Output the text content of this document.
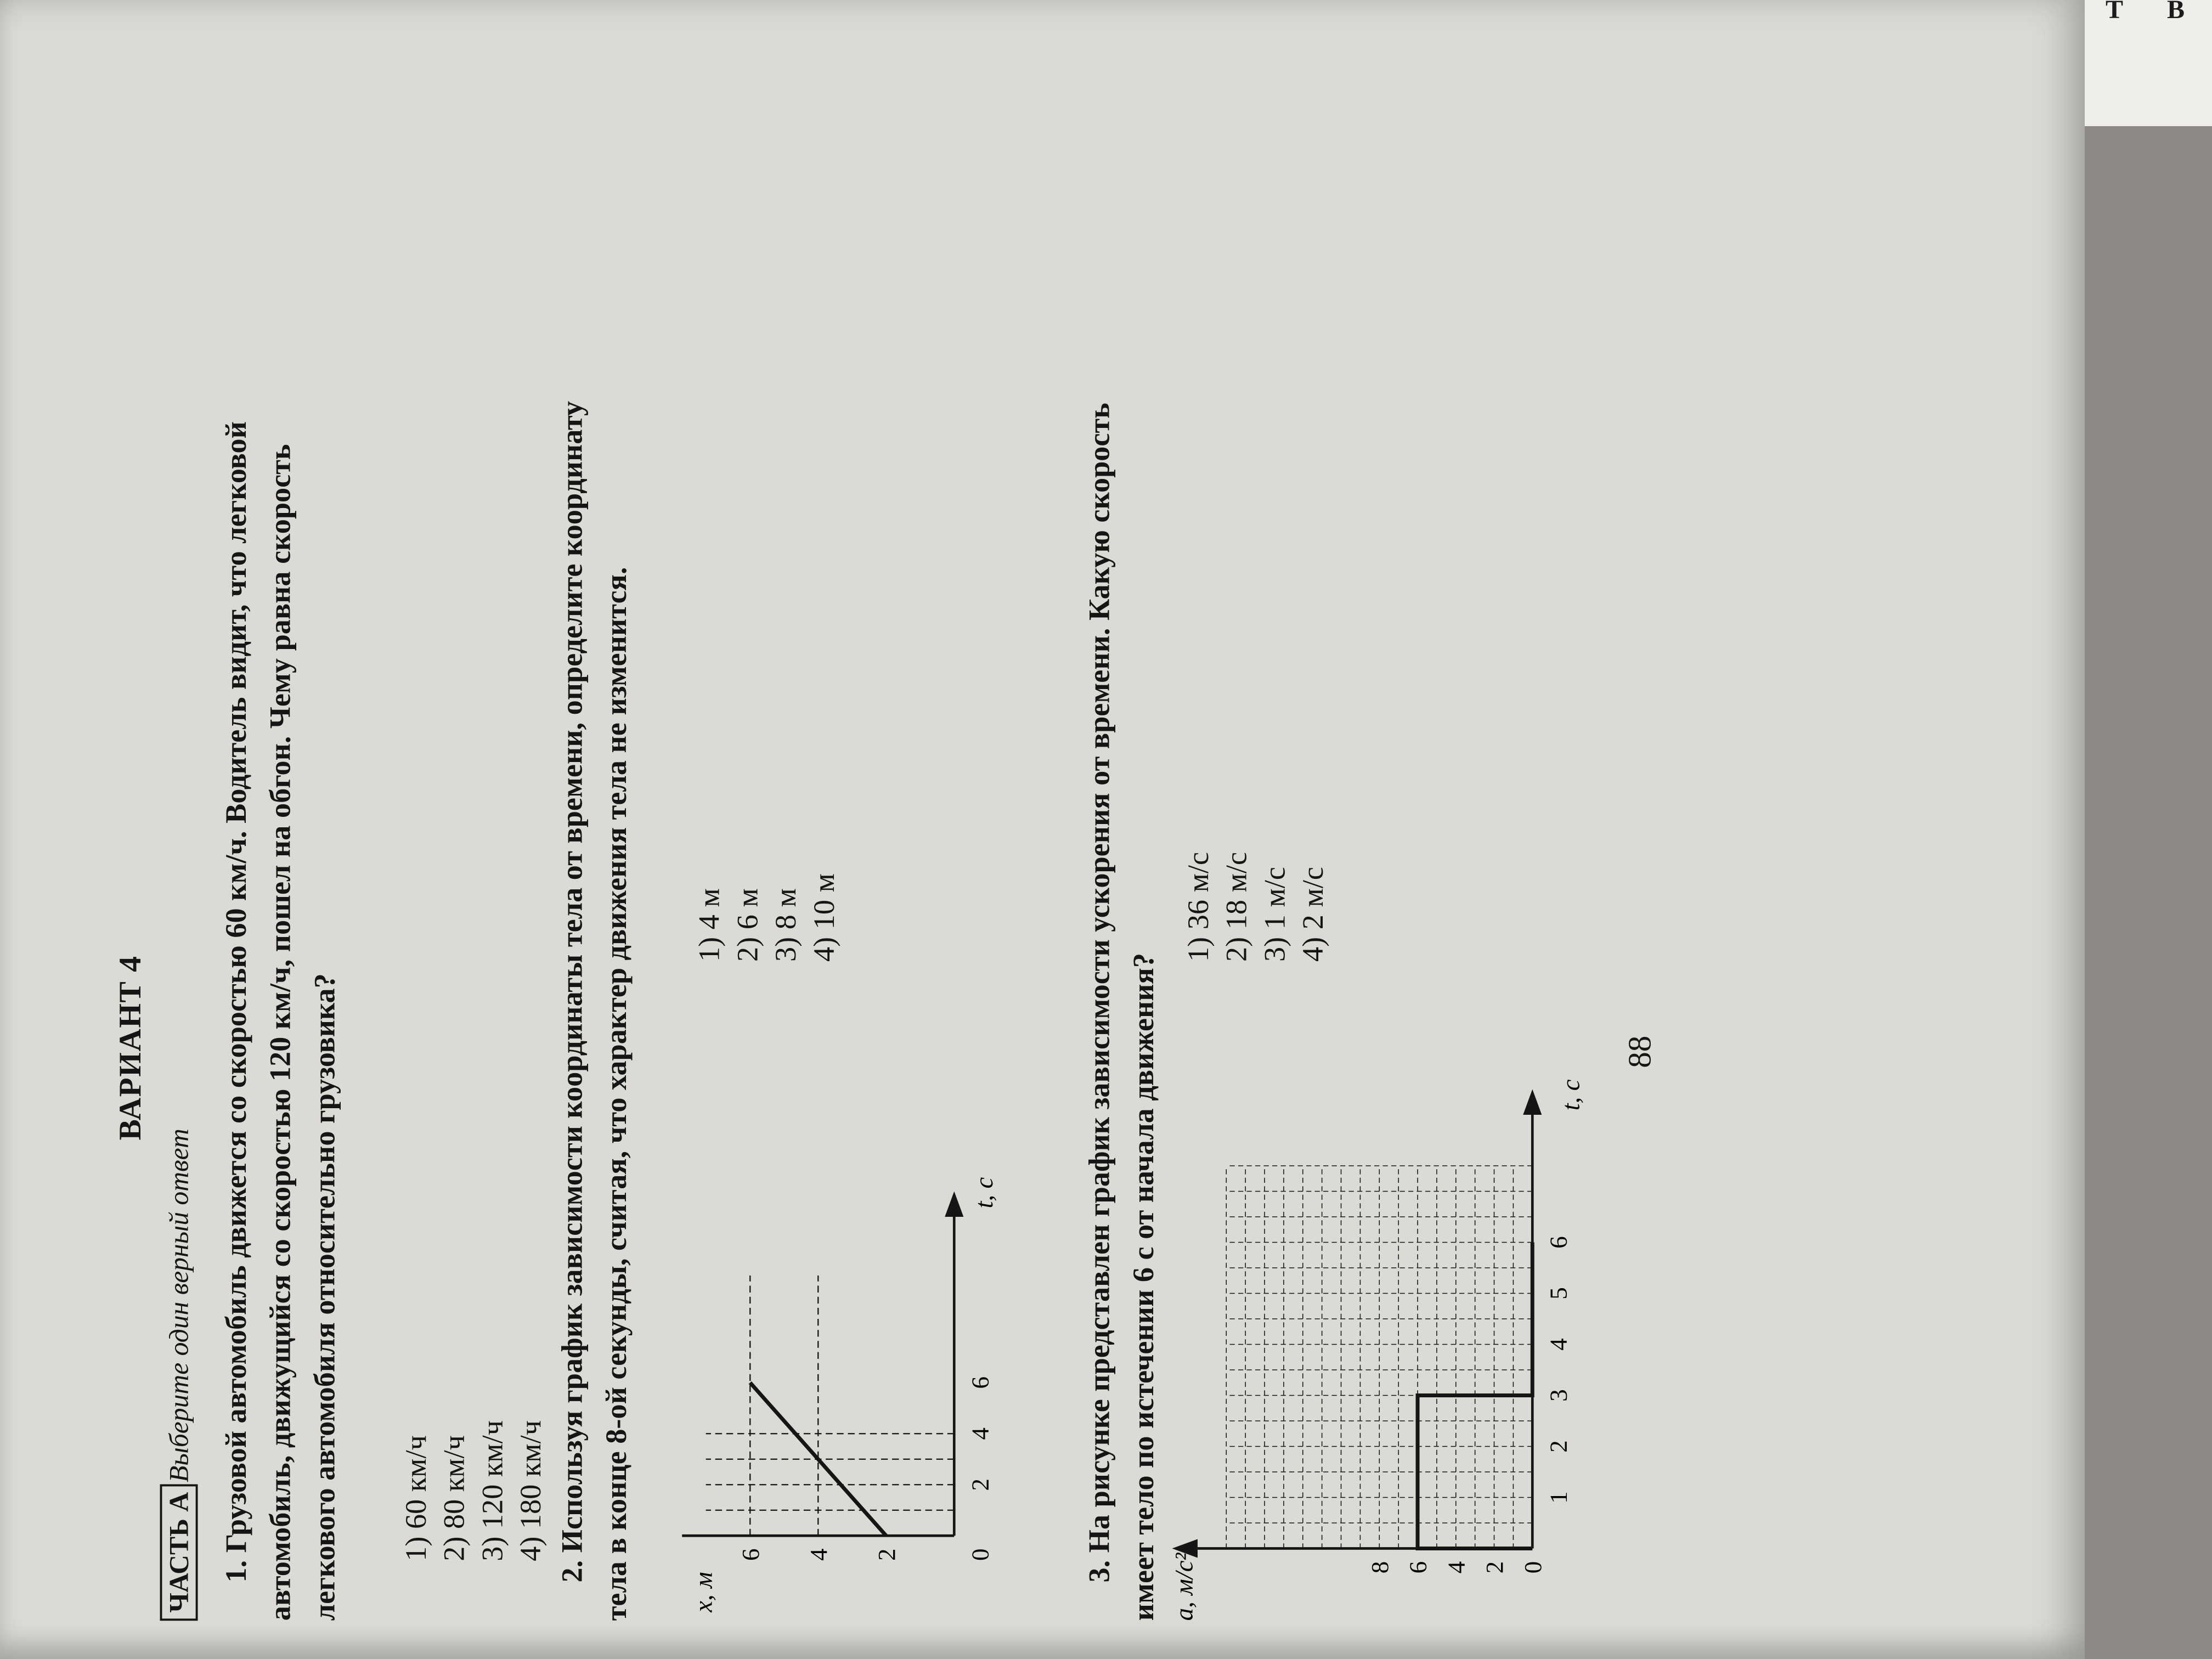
Т В
ВАРИАНТ 4
ЧАСТЬ А Выберите один верный ответ
1. Грузовой автомобиль движется со скоростью 60 км/ч. Водитель видит, что легковой автомобиль, движущийся со скоростью 120 км/ч, пошел на обгон. Чему равна скорость легкового автомобиля относительно грузовика? 1) 60 км/ч 2) 80 км/ч 3) 120 км/ч 4) 180 км/ч
2. Используя график зависимости координаты тела от времени, определите координату тела в конце 8-ой секунды, считая, что характер движения тела не изменится.	2
4
6
2
4
6	0
x, м
t, с
1) 4 м 2) 6 м 3) 8 м 4) 10 м
3. На рисунке представлен график зависимости ускорения от времени. Какую скорость имеет тело по истечении 6 с от начала движения?	1
2
3
4
5
6
2
4
6
8	0
a, м/с²
t, с
1) 36 м/с 2) 18 м/с 3) 1 м/с 4) 2 м/с
88
